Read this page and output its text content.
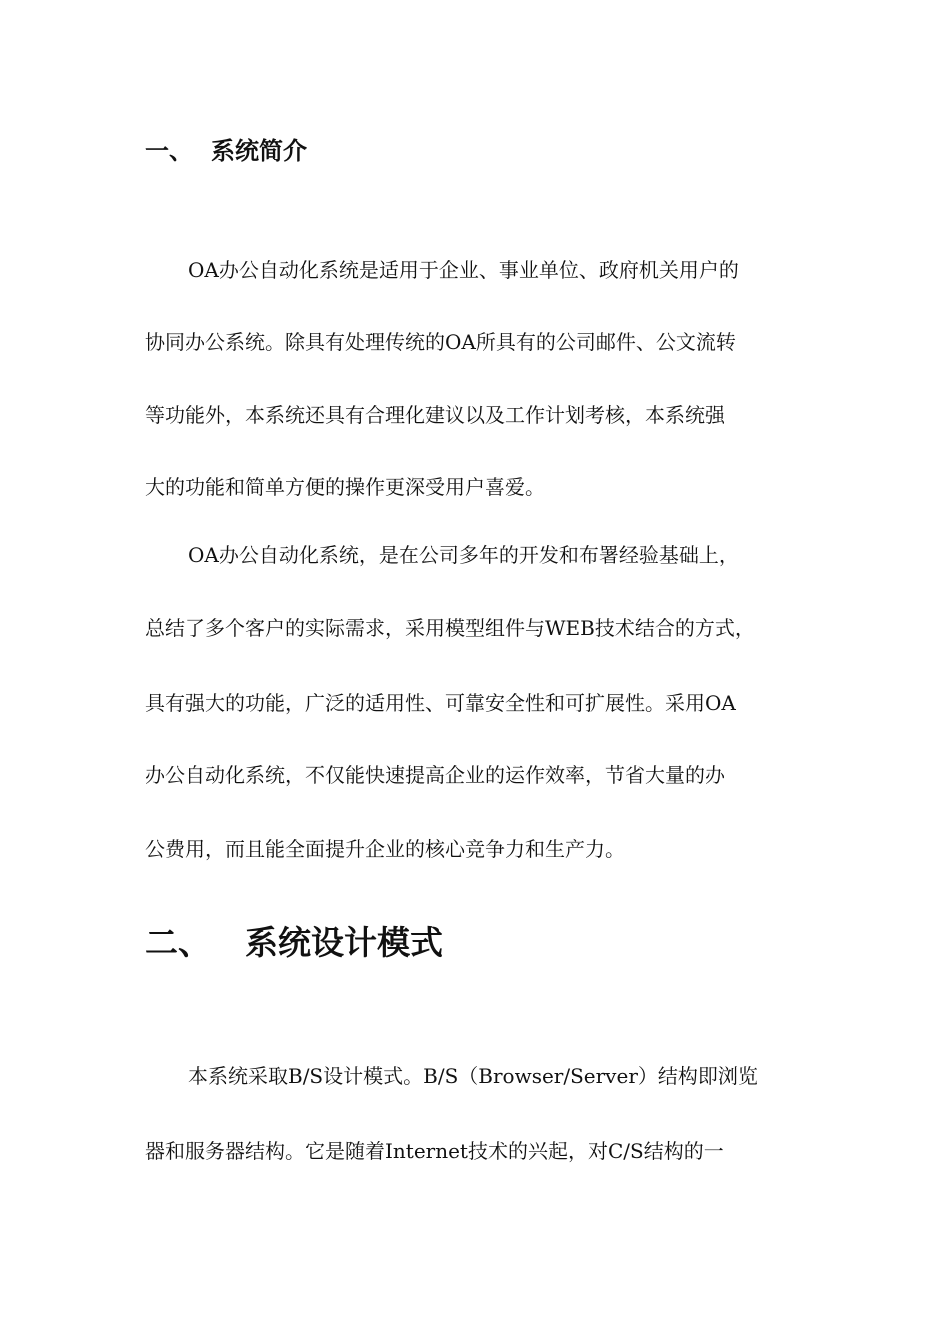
一、 系统简介
OA办公自动化系统是适用于企业、事业单位、政府机关用户的
协同办公系统。除具有处理传统的OA所具有的公司邮件、公文流转
等功能外，本系统还具有合理化建议以及工作计划考核，本系统强
大的功能和简单方便的操作更深受用户喜爱。
OA办公自动化系统，是在公司多年的开发和布署经验基础上，
总结了多个客户的实际需求，采用模型组件与WEB技术结合的方式，
具有强大的功能，广泛的适用性、可靠安全性和可扩展性。采用OA
办公自动化系统，不仅能快速提高企业的运作效率，节省大量的办
公费用，而且能全面提升企业的核心竞争力和生产力。
二、 系统设计模式
本系统采取B/S设计模式。B/S（Browser/Server）结构即浏览
器和服务器结构。它是随着Internet技术的兴起，对C/S结构的一
